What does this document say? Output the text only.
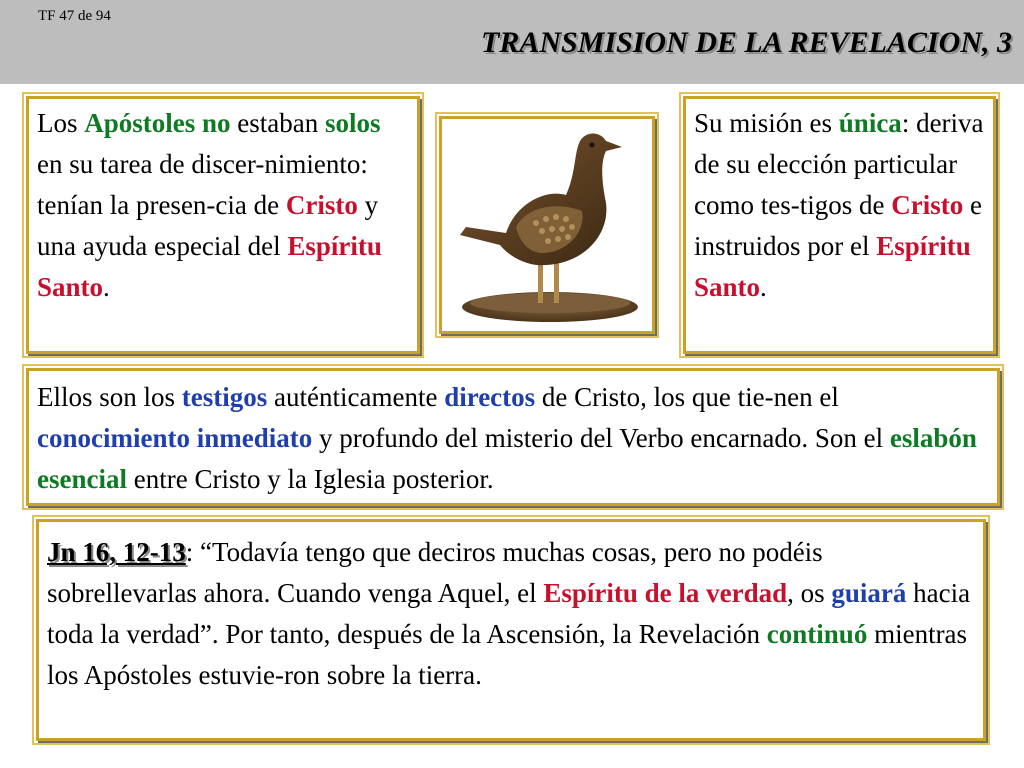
TF 47 de 94
TRANSMISION DE LA REVELACION, 3

Los Apóstoles no estaban solos en su tarea de discer-nimiento: tenían la presen-cia de Cristo y una ayuda especial del Espíritu Santo.

Su misión es única: deriva de su elección particular como tes-tigos de Cristo e instruidos por el Espíritu Santo.

Ellos son los testigos auténticamente directos de Cristo, los que tie-nen el conocimiento inmediato y profundo del misterio del Verbo encarnado. Son el eslabón esencial entre Cristo y la Iglesia posterior.

Jn 16, 12-13: “Todavía tengo que deciros muchas cosas, pero no podéis sobrellevarlas ahora. Cuando venga Aquel, el Espíritu de la verdad, os guiará hacia toda la verdad”. Por tanto, después de la Ascensión, la Revelación continuó mientras los Apóstoles estuvie-ron sobre la tierra.
